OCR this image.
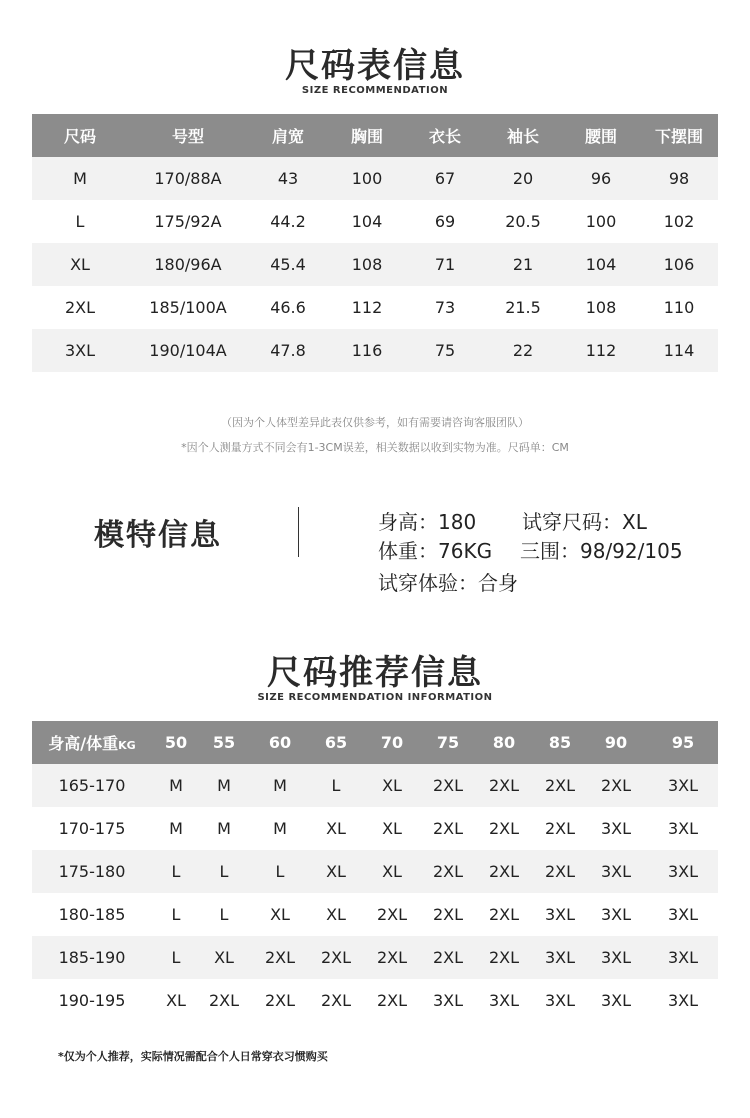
尺码表信息
SIZE RECOMMENDATION
尺码	号型	肩宽	胸围	衣长	袖长	腰围	下摆围
M	170/88A	43	100	67	20	96	98
L	175/92A	44.2	104	69	20.5	100	102
XL	180/96A	45.4	108	71	21	104	106
2XL	185/100A	46.6	112	73	21.5	108	110
3XL	190/104A	47.8	116	75	22	112	114
（因为个人体型差异此表仅供参考，如有需要请咨询客服团队）
*因个人测量方式不同会有1-3CM误差，相关数据以收到实物为准。尺码单：CM
模特信息	身高：180 试穿尺码：XL
体重：76KG 三围：98/92/105
试穿体验：合身
尺码推荐信息
SIZE RECOMMENDATION INFORMATION
身高/体重KG	50	55	60	65	70	75	80	85	90	95
165-170	M	M	M	L	XL	2XL	2XL	2XL	2XL	3XL
170-175	M	M	M	XL	XL	2XL	2XL	2XL	3XL	3XL
175-180	L	L	L	XL	XL	2XL	2XL	2XL	3XL	3XL
180-185	L	L	XL	XL	2XL	2XL	2XL	3XL	3XL	3XL
185-190	L	XL	2XL	2XL	2XL	2XL	2XL	3XL	3XL	3XL
190-195	XL	2XL	2XL	2XL	2XL	3XL	3XL	3XL	3XL	3XL
*仅为个人推荐，实际情况需配合个人日常穿衣习惯购买
